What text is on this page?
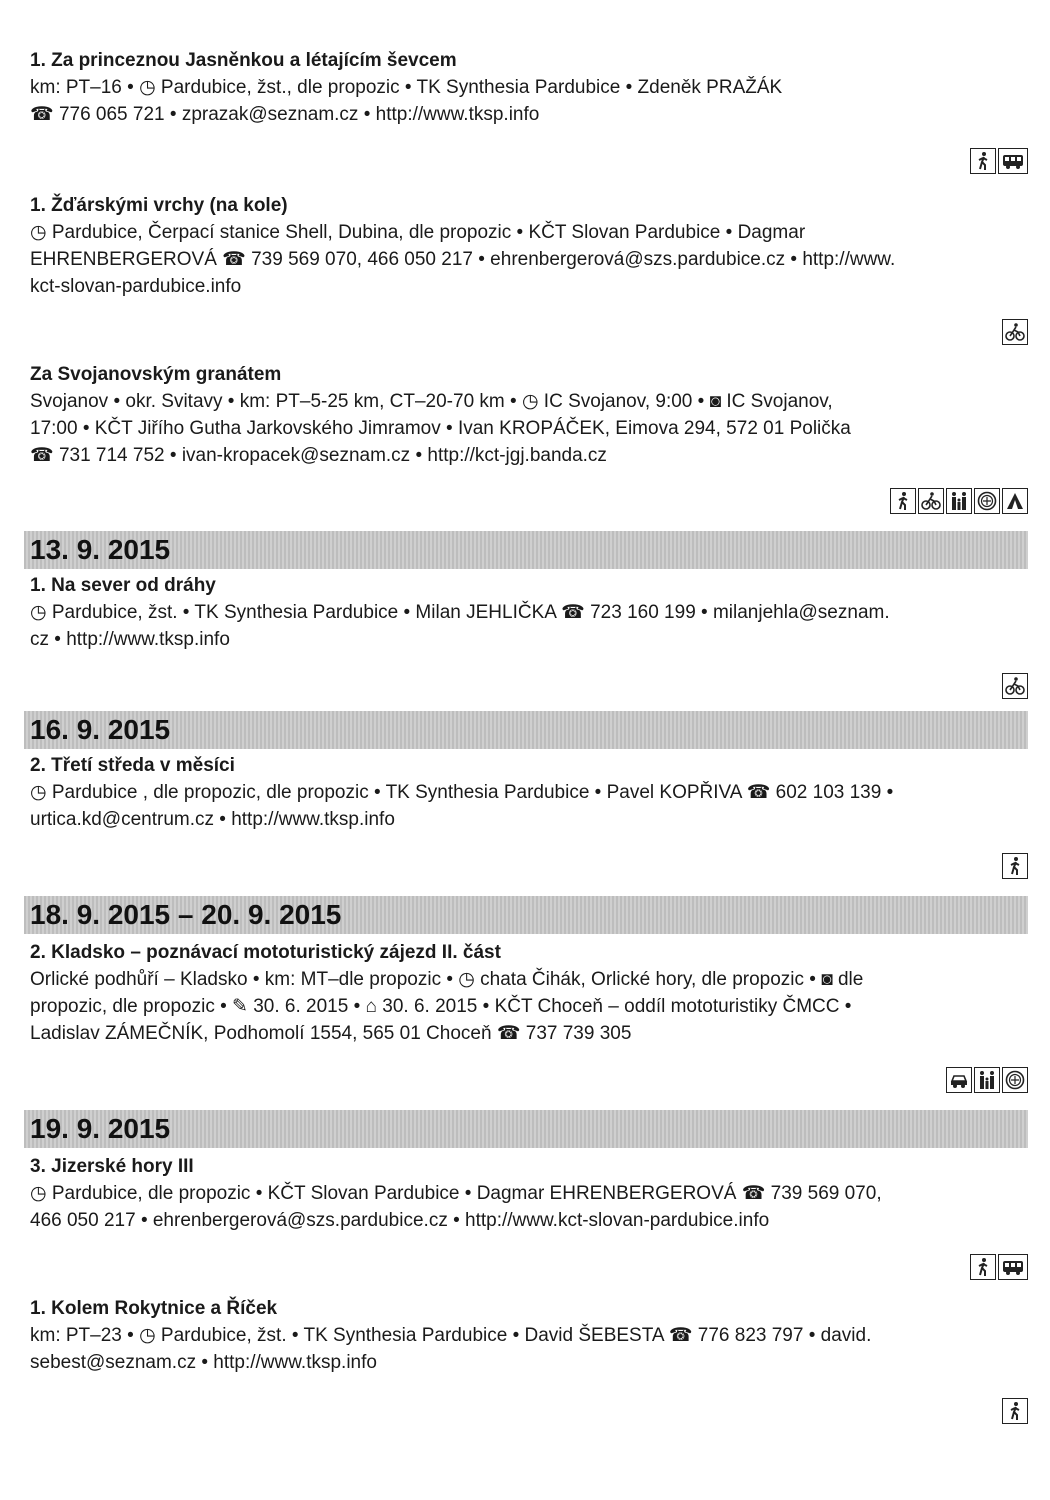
1. Za princeznou Jasněnkou a létajícím ševcem
km: PT–16 • ◷ Pardubice, žst., dle propozic • TK Synthesia Pardubice • Zdeněk PRAŽÁK
☎ 776 065 721 • zprazak@seznam.cz • http://www.tksp.info
1. Žďárskými vrchy (na kole)
◷ Pardubice, Čerpací stanice Shell, Dubina, dle propozic • KČT Slovan Pardubice • Dagmar
EHRENBERGEROVÁ ☎ 739 569 070, 466 050 217 • ehrenbergerová@szs.pardubice.cz • http://www.
kct-slovan-pardubice.info
Za Svojanovským granátem
Svojanov • okr. Svitavy • km: PT–5-25 km, CT–20-70 km • ◷ IC Svojanov, 9:00 • ◙ IC Svojanov,
17:00 • KČT Jiřího Gutha Jarkovského Jimramov • Ivan KROPÁČEK, Eimova 294, 572 01 Polička
☎ 731 714 752 • ivan-kropacek@seznam.cz • http://kct-jgj.banda.cz
13. 9. 2015
1. Na sever od dráhy
◷ Pardubice, žst. • TK Synthesia Pardubice • Milan JEHLIČKA ☎ 723 160 199 • milanjehla@seznam.
cz • http://www.tksp.info
16. 9. 2015
2. Třetí středa v měsíci
◷ Pardubice , dle propozic, dle propozic • TK Synthesia Pardubice • Pavel KOPŘIVA ☎ 602 103 139 •
urtica.kd@centrum.cz • http://www.tksp.info
18. 9. 2015 – 20. 9. 2015
2. Kladsko – poznávací mototuristický zájezd II. část
Orlické podhůří – Kladsko • km: MT–dle propozic • ◷ chata Čihák, Orlické hory, dle propozic • ◙ dle
propozic, dle propozic • ✎ 30. 6. 2015 • ⌂ 30. 6. 2015 • KČT Choceň – oddíl mototuristiky ČMCC •
Ladislav ZÁMEČNÍK, Podhomolí 1554, 565 01 Choceň ☎ 737 739 305
19. 9. 2015
3. Jizerské hory III
◷ Pardubice, dle propozic • KČT Slovan Pardubice • Dagmar EHRENBERGEROVÁ ☎ 739 569 070,
466 050 217 • ehrenbergerová@szs.pardubice.cz • http://www.kct-slovan-pardubice.info
1. Kolem Rokytnice a Říček
km: PT–23 • ◷ Pardubice, žst. • TK Synthesia Pardubice • David ŠEBESTA ☎ 776 823 797 • david.
sebest@seznam.cz • http://www.tksp.info
